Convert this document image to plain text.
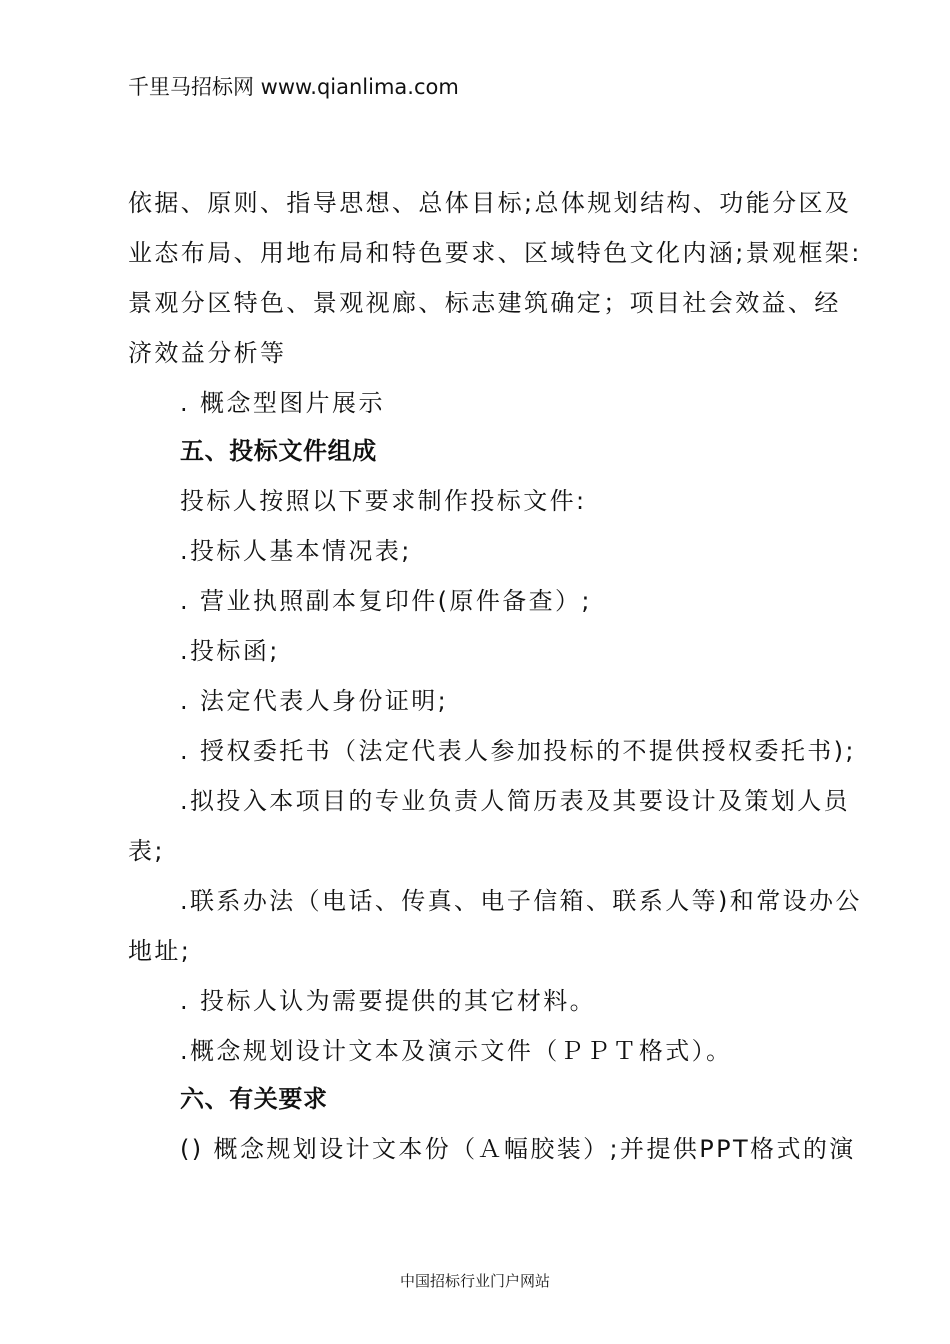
千里马招标网 www.qianlima.com
依据、原则、指导思想、总体目标;总体规划结构、功能分区及
业态布局、用地布局和特色要求、区域特色文化内涵;景观框架:
景观分区特色、景观视廊、标志建筑确定；项目社会效益、经
济效益分析等
. 概念型图片展示
五、投标文件组成
投标人按照以下要求制作投标文件:
.投标人基本情况表;
. 营业执照副本复印件(原件备查）;
.投标函;
. 法定代表人身份证明;
. 授权委托书（法定代表人参加投标的不提供授权委托书);
.拟投入本项目的专业负责人简历表及其要设计及策划人员
表;
.联系办法（电话、传真、电子信箱、联系人等)和常设办公
地址;
. 投标人认为需要提供的其它材料。
.概念规划设计文本及演示文件（ＰＰＴ格式）。
六、有关要求
() 概念规划设计文本份（Ａ幅胶装）;并提供PPT格式的演
中国招标行业门户网站
